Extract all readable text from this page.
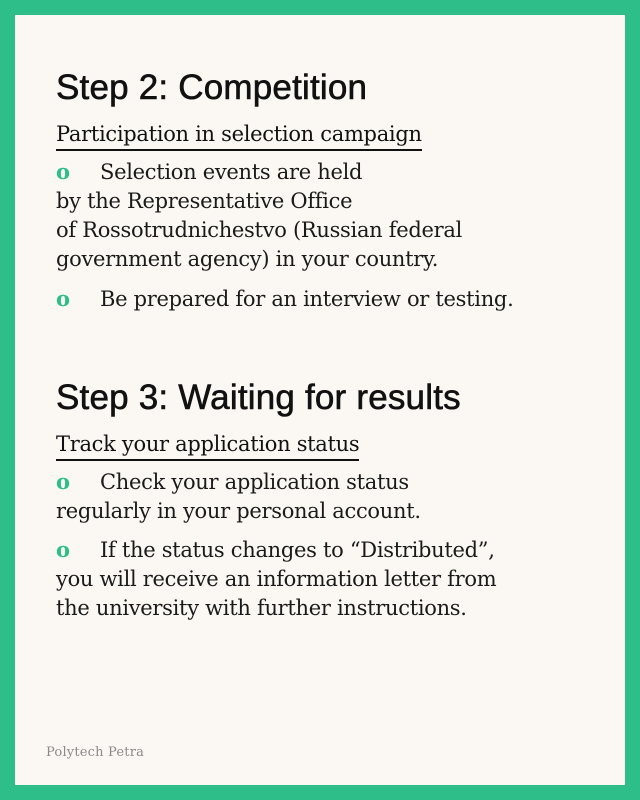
Step 2: Competition
Participation in selection campaign
o Selection events are held
by the Representative Office
of Rossotrudnichestvo (Russian federal
government agency) in your country.
o Be prepared for an interview or testing.
Step 3: Waiting for results
Track your application status
o Check your application status
regularly in your personal account.
o If the status changes to “Distributed”,
you will receive an information letter from
the university with further instructions.
Polytech Petra
